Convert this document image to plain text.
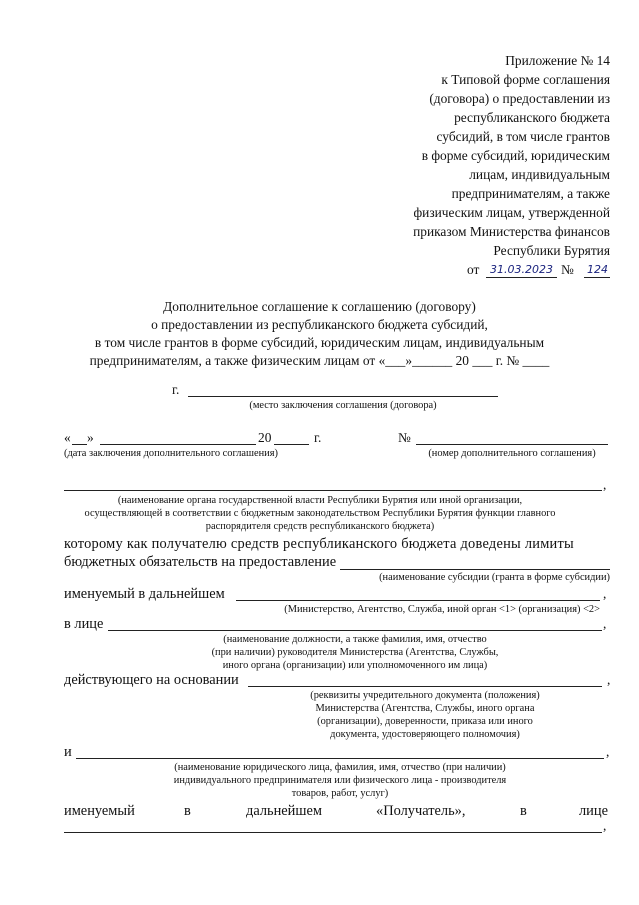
Приложение № 14
к Типовой форме соглашения
(договора) о предоставлении из
республиканского бюджета
субсидий, в том числе грантов
в форме субсидий, юридическим
лицам, индивидуальным
предпринимателям, а также
физическим лицам, утвержденной
приказом Министерства финансов
Республики Бурятия
от 31.03.2023 № 124
Дополнительное соглашение к соглашению (договору)
о предоставлении из республиканского бюджета субсидий,
в том числе грантов в форме субсидий, юридическим лицам, индивидуальным
предпринимателям, а также физическим лицам от «___»______ 20 ___ г. № ____
г.
(место заключения соглашения (договора)
« »	20	г.
(дата заключения дополнительного соглашения)
№
(номер дополнительного соглашения)
,
(наименование органа государственной власти Республики Бурятия или иной организации,
осуществляющей в соответствии с бюджетным законодательством Республики Бурятия функции главного
распорядителя средств республиканского бюджета)
которому как получателю средств республиканского бюджета доведены лимиты
бюджетных обязательств на предоставление
(наименование субсидии (гранта в форме субсидии)
именуемый в дальнейшем	,
(Министерство, Агентство, Служба, иной орган <1> (организация) <2>
в лице	,
(наименование должности, а также фамилия, имя, отчество
(при наличии) руководителя Министерства (Агентства, Службы,
иного органа (организации) или уполномоченного им лица)
действующего на основании	,
(реквизиты учредительного документа (положения)
Министерства (Агентства, Службы, иного органа
(организации), доверенности, приказа или иного
документа, удостоверяющего полномочия)
и	,
(наименование юридического лица, фамилия, имя, отчество (при наличии)
индивидуального предпринимателя или физического лица - производителя
товаров, работ, услуг)
именуемый	в	дальнейшем	«Получатель»,	в	лице
,
